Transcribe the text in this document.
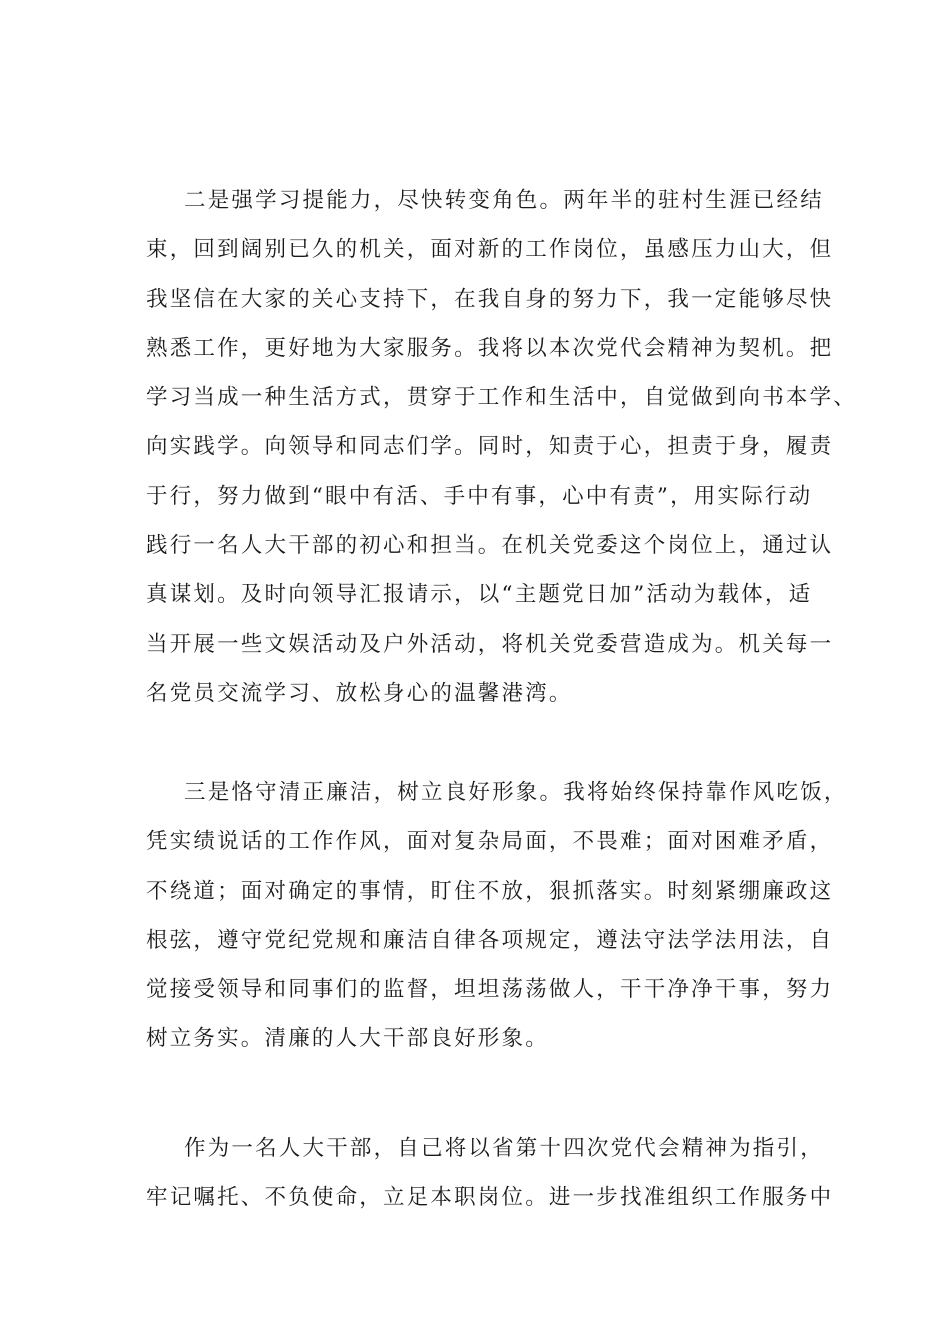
二是强学习提能力，尽快转变角色。两年半的驻村生涯已经结
束，回到阔别已久的机关，面对新的工作岗位，虽感压力山大，但
我坚信在大家的关心支持下，在我自身的努力下，我一定能够尽快
熟悉工作，更好地为大家服务。我将以本次党代会精神为契机。把
学习当成一种生活方式，贯穿于工作和生活中，自觉做到向书本学、
向实践学。向领导和同志们学。同时，知责于心，担责于身，履责
于行，努力做到“眼中有活、手中有事，心中有责”，用实际行动
践行一名人大干部的初心和担当。在机关党委这个岗位上，通过认
真谋划。及时向领导汇报请示，以“主题党日加”活动为载体，适
当开展一些文娱活动及户外活动，将机关党委营造成为。机关每一
名党员交流学习、放松身心的温馨港湾。
三是恪守清正廉洁，树立良好形象。我将始终保持靠作风吃饭，
凭实绩说话的工作作风，面对复杂局面，不畏难；面对困难矛盾，
不绕道；面对确定的事情，盯住不放，狠抓落实。时刻紧绷廉政这
根弦，遵守党纪党规和廉洁自律各项规定，遵法守法学法用法，自
觉接受领导和同事们的监督，坦坦荡荡做人，干干净净干事，努力
树立务实。清廉的人大干部良好形象。
作为一名人大干部，自己将以省第十四次党代会精神为指引，
牢记嘱托、不负使命，立足本职岗位。进一步找准组织工作服务中
